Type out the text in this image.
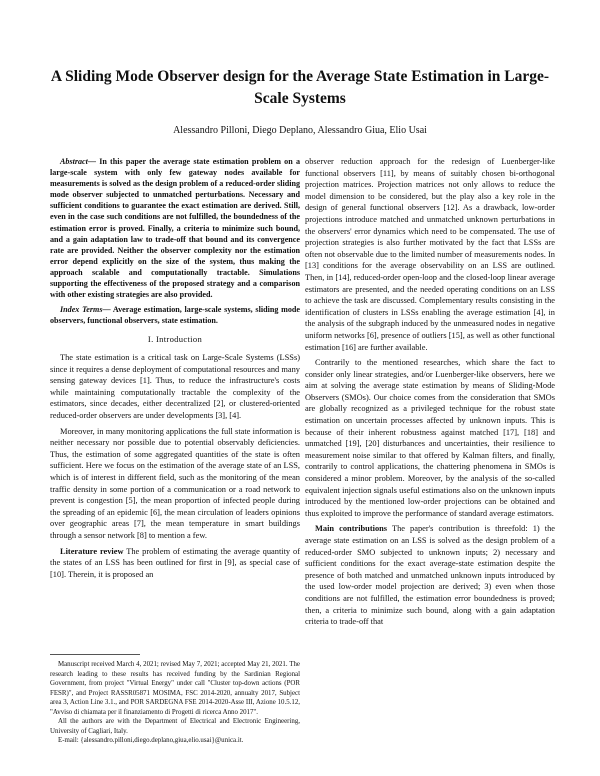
A Sliding Mode Observer design for the Average State Estimation in Large-Scale Systems
Alessandro Pilloni, Diego Deplano, Alessandro Giua, Elio Usai

Abstract— In this paper the average state estimation problem on a large-scale system with only few gateway nodes available for measurements is solved as the design problem of a reduced-order sliding mode observer subjected to unmatched perturbations. Necessary and sufficient conditions to guarantee the exact estimation are derived. Still, even in the case such conditions are not fulfilled, the boundedness of the estimation error is proved. Finally, a criteria to minimize such bound, and a gain adaptation law to trade-off that bound and its convergence rate are provided. Neither the observer complexity nor the estimation error depend explicitly on the size of the system, thus making the approach scalable and computationally tractable. Simulations supporting the effectiveness of the proposed strategy and a comparison with other existing strategies are also provided.

Index Terms— Average estimation, large-scale systems, sliding mode observers, functional observers, state estimation.

I. Introduction

The state estimation is a critical task on Large-Scale Systems (LSSs) since it requires a dense deployment of computational resources and many sensing gateway devices [1]. Thus, to reduce the infrastructure's costs while maintaining computationally tractable the complexity of the estimators, since decades, either decentralized [2], or clustered-oriented reduced-order observers are under developments [3], [4].

Moreover, in many monitoring applications the full state information is neither necessary nor possible due to potential observably deficiencies. Thus, the estimation of some aggregated quantities of the state is often sufficient. Here we focus on the estimation of the average state of an LSS, which is of interest in different field, such as the monitoring of the mean traffic density in some portion of a communication or a road network to prevent is congestion [5], the mean proportion of infected people during the spreading of an epidemic [6], the mean circulation of leaders opinions over geographic areas [7], the mean temperature in smart buildings through a sensor network [8] to mention a few.

Literature review The problem of estimating the average quantity of the states of an LSS has been outlined for first in [9], as special case of [10]. Therein, it is proposed an

Manuscript received March 4, 2021; revised May 7, 2021; accepted May 21, 2021. The research leading to these results has received funding by the Sardinian Regional Government, from project "Virtual Energy" under call "Cluster top-down actions (POR FESR)", and Project RASSR05871 MOSIMA, FSC 2014-2020, annualty 2017, Subject area 3, Action Line 3.1., and POR SARDEGNA FSE 2014-2020-Asse III, Azione 10.5.12, "Avviso di chiamata per il finanziamento di Progetti di ricerca Anno 2017".

All the authors are with the Department of Electrical and Electronic Engineering, University of Cagliari, Italy.

E-mail: {alessandro.pilloni,diego.deplano,giua,elio.usai}@unica.it.

observer reduction approach for the redesign of Luenberger-like functional observers [11], by means of suitably chosen bi-orthogonal projection matrices. Projection matrices not only allows to reduce the model dimension to be considered, but the play also a key role in the design of general functional observers [12]. As a drawback, low-order projections introduce matched and unmatched unknown perturbations in the observers' error dynamics which need to be compensated. The use of projection strategies is also further motivated by the fact that LSSs are often not observable due to the limited number of measurements nodes. In [13] conditions for the average observability on an LSS are outlined. Then, in [14], reduced-order open-loop and the closed-loop linear average estimators are presented, and the needed operating conditions on an LSS to achieve the task are discussed. Complementary results consisting in the identification of clusters in LSSs enabling the average estimation [4], in the analysis of the subgraph induced by the unmeasured nodes in negative uniform networks [6], presence of outliers [15], as well as other functional estimation [16] are further available.

Contrarily to the mentioned researches, which share the fact to consider only linear strategies, and/or Luenberger-like observers, here we aim at solving the average state estimation by means of Sliding-Mode Observers (SMOs). Our choice comes from the consideration that SMOs are globally recognized as a privileged technique for the robust state estimation on uncertain processes affected by unknown inputs. This is because of their inherent robustness against matched [17], [18] and unmatched [19], [20] disturbances and uncertainties, their resilience to measurement noise similar to that offered by Kalman filters, and finally, contrarily to control applications, the chattering phenomena in SMOs is considered a minor problem. Moreover, by the analysis of the so-called equivalent injection signals useful estimations also on the unknown inputs introduced by the mentioned low-order projections can be obtained and thus exploited to improve the performance of standard average estimators.

Main contributions The paper's contribution is threefold: 1) the average state estimation on an LSS is solved as the design problem of a reduced-order SMO subjected to unknown inputs; 2) necessary and sufficient conditions for the exact average-state estimation despite the presence of both matched and unmatched unknown inputs introduced by the used low-order model projection are derived; 3) even when those conditions are not fulfilled, the estimation error boundedness is proved; then, a criteria to minimize such bound, along with a gain adaptation criteria to trade-off that
